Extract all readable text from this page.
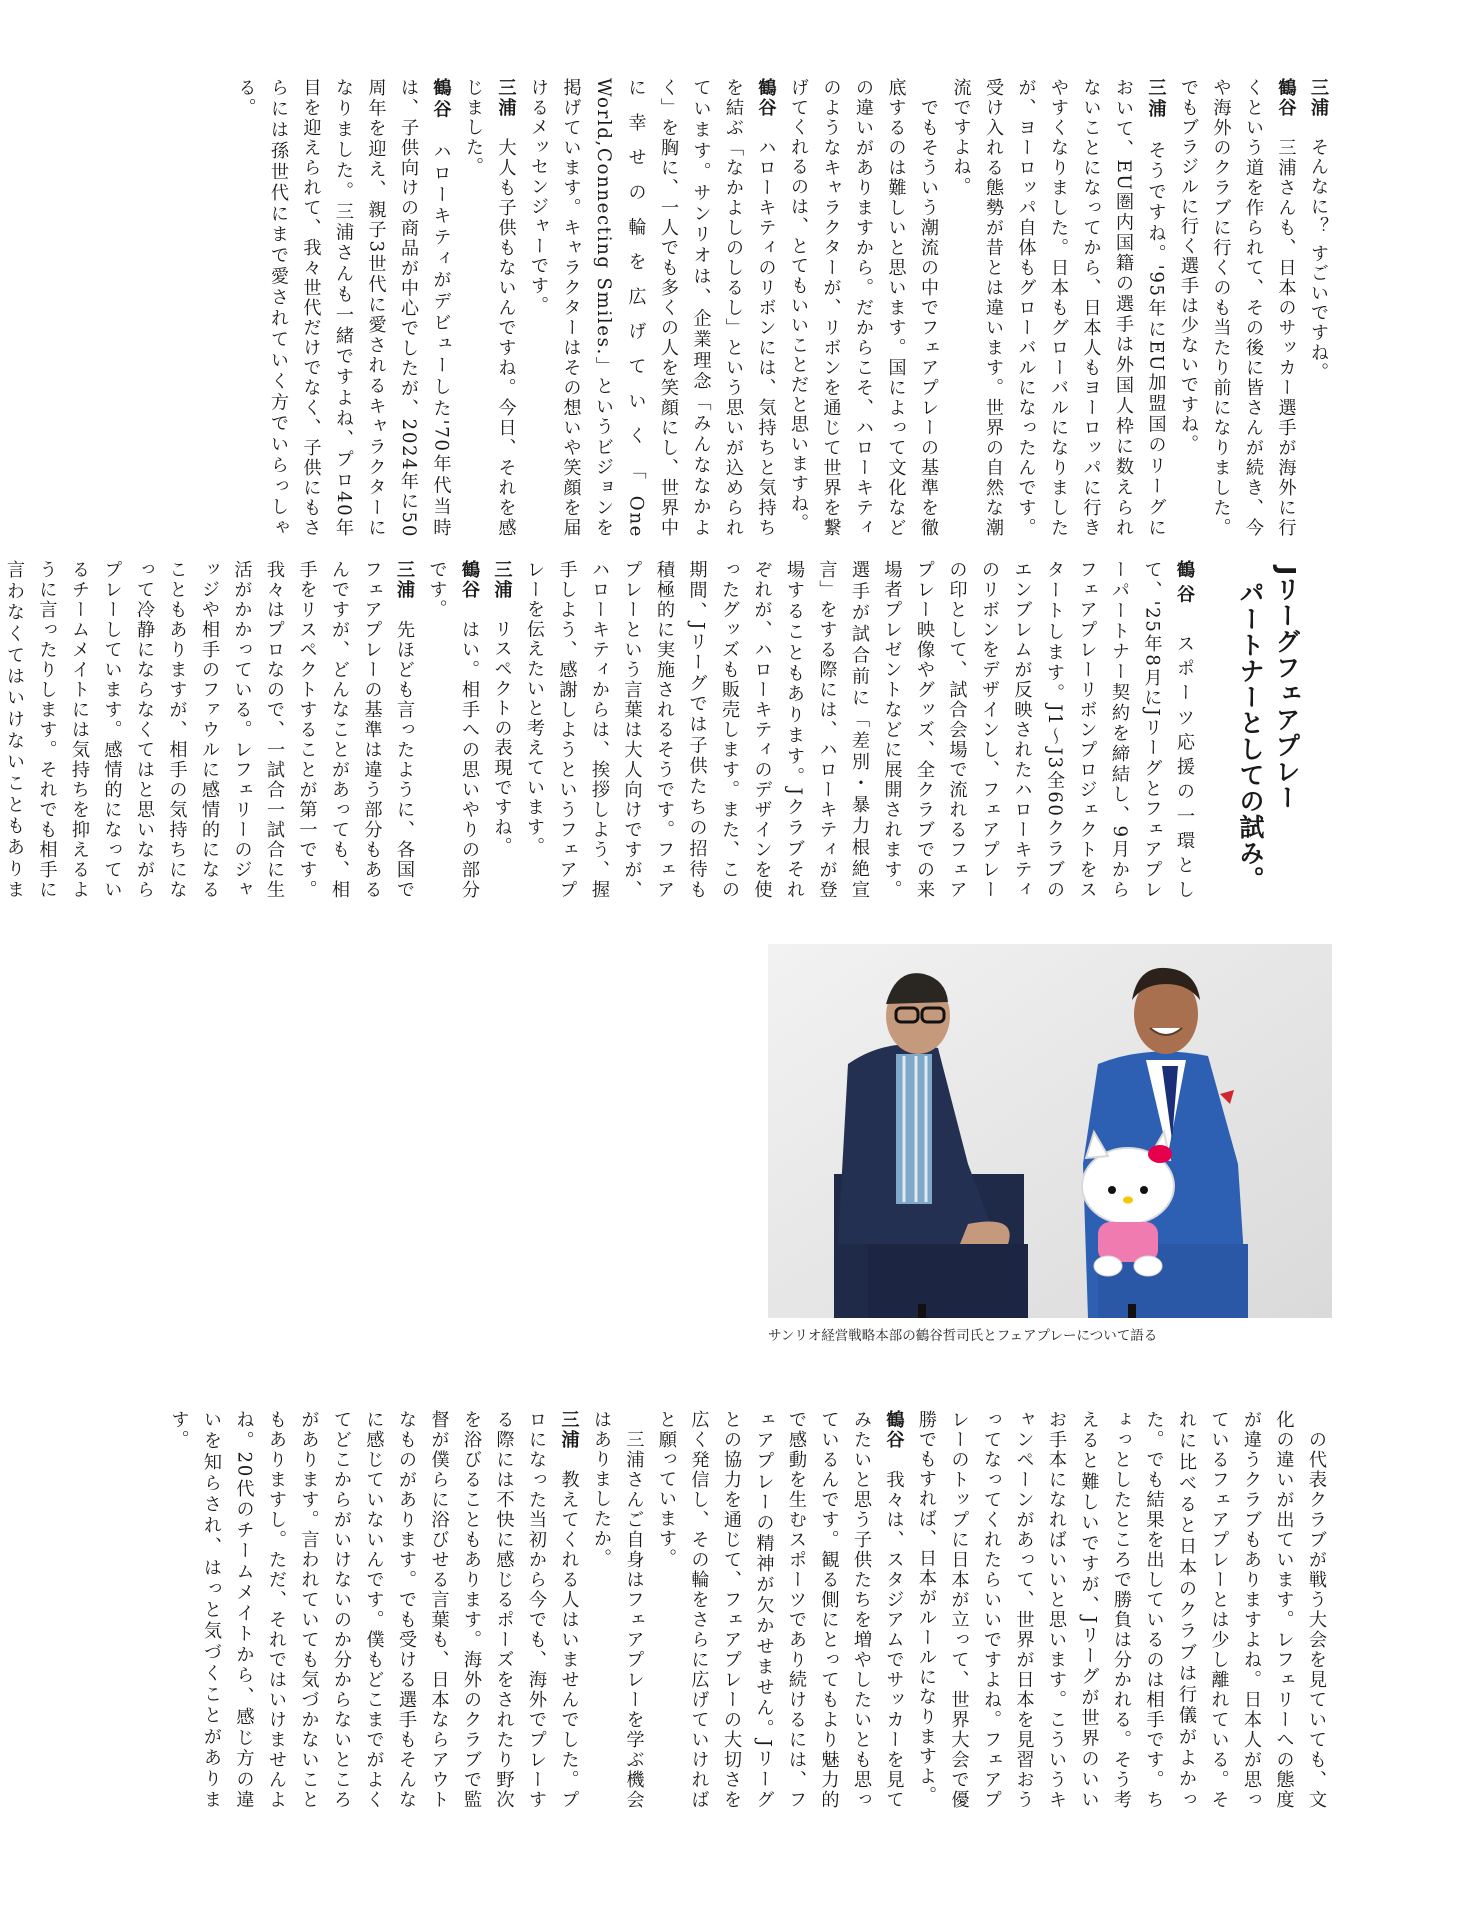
Jリーグフェアプレー

パートナーとしての試み。

三浦　そんなに？ すごいですね。

鶴谷　三浦さんも、日本のサッカー選手が海外に行くという道を作られて、その後に皆さんが続き、今や海外のクラブに行くのも当たり前になりました。でもブラジルに行く選手は少ないですね。

三浦　そうですね。'95年にEU加盟国のリーグにおいて、EU圏内国籍の選手は外国人枠に数えられないことになってから、日本人もヨーロッパに行きやすくなりました。日本もグローバルになりましたが、ヨーロッパ自体もグローバルになったんです。受け入れる態勢が昔とは違います。世界の自然な潮流ですよね。

　でもそういう潮流の中でフェアプレーの基準を徹底するのは難しいと思います。国によって文化などの違いがありますから。だからこそ、ハローキティのようなキャラクターが、リボンを通じて世界を繋げてくれるのは、とてもいいことだと思いますね。

鶴谷　ハローキティのリボンには、気持ちと気持ちを結ぶ「なかよしのしるし」という思いが込められています。サンリオは、企業理念「みんななかよく」を胸に、一人でも多くの人を笑顔にし、世界中に幸せの輪を広げていく「One World,Connecting Smiles.」というビジョンを掲げています。キャラクターはその想いや笑顔を届けるメッセンジャーです。

三浦　大人も子供もないんですね。今日、それを感じました。

鶴谷　ハローキティがデビューした'70年代当時は、子供向けの商品が中心でしたが、2024年に50周年を迎え、親子3世代に愛されるキャラクターになりました。三浦さんも一緒ですよね、プロ40年目を迎えられて、我々世代だけでなく、子供にもさらには孫世代にまで愛されていく方でいらっしゃる。

鶴谷　スポーツ応援の一環として、'25年8月にJリーグとフェアプレーパートナー契約を締結し、9月からフェアプレーリボンプロジェクトをスタートします。J1～J3全60クラブのエンブレムが反映されたハローキティのリボンをデザインし、フェアプレーの印として、試合会場で流れるフェアプレー映像やグッズ、全クラブでの来場者プレゼントなどに展開されます。選手が試合前に「差別・暴力根絶宣言」をする際には、ハローキティが登場することもあります。Jクラブそれぞれが、ハローキティのデザインを使ったグッズも販売します。また、この期間、Jリーグでは子供たちの招待も積極的に実施されるそうです。フェアプレーという言葉は大人向けですが、ハローキティからは、挨拶しよう、握手しよう、感謝しようというフェアプレーを伝えたいと考えています。

三浦　リスペクトの表現ですね。

鶴谷　はい。相手への思いやりの部分です。

三浦　先ほども言ったように、各国でフェアプレーの基準は違う部分もあるんですが、どんなことがあっても、相手をリスペクトすることが第一です。我々はプロなので、一試合一試合に生活がかかっている。レフェリーのジャッジや相手のファウルに感情的になることもありますが、相手の気持ちになって冷静にならなくてはと思いながらプレーしています。感情的になっているチームメイトには気持ちを抑えるように言ったりします。それでも相手に言わなくてはいけないこともありま

　の代表クラブが戦う大会を見ていても、文化の違いが出ています。レフェリーへの態度が違うクラブもありますよね。日本人が思っているフェアプレーとは少し離れている。それに比べると日本のクラブは行儀がよかった。でも結果を出しているのは相手です。ちょっとしたところで勝負は分かれる。そう考えると難しいですが、Jリーグが世界のいいお手本になればいいと思います。こういうキャンペーンがあって、世界が日本を見習おうってなってくれたらいいですよね。フェアプレーのトップに日本が立って、世界大会で優勝でもすれば、日本がルールになりますよ。

鶴谷　我々は、スタジアムでサッカーを見てみたいと思う子供たちを増やしたいとも思っているんです。観る側にとってもより魅力的で感動を生むスポーツであり続けるには、フェアプレーの精神が欠かせません。Jリーグとの協力を通じて、フェアプレーの大切さを広く発信し、その輪をさらに広げていければと願っています。

　三浦さんご自身はフェアプレーを学ぶ機会はありましたか。

三浦　教えてくれる人はいませんでした。プロになった当初から今でも、海外でプレーする際には不快に感じるポーズをされたり野次を浴びることもあります。海外のクラブで監督が僕らに浴びせる言葉も、日本ならアウトなものがあります。でも受ける選手もそんなに感じていないんです。僕もどこまでがよくてどこからがいけないのか分からないところがあります。言われていても気づかないこともありますし。ただ、それではいけませんよね。20代のチームメイトから、感じ方の違いを知らされ、はっと気づくことがあります。

サンリオ経営戦略本部の鶴谷哲司氏とフェアプレーについて語る
